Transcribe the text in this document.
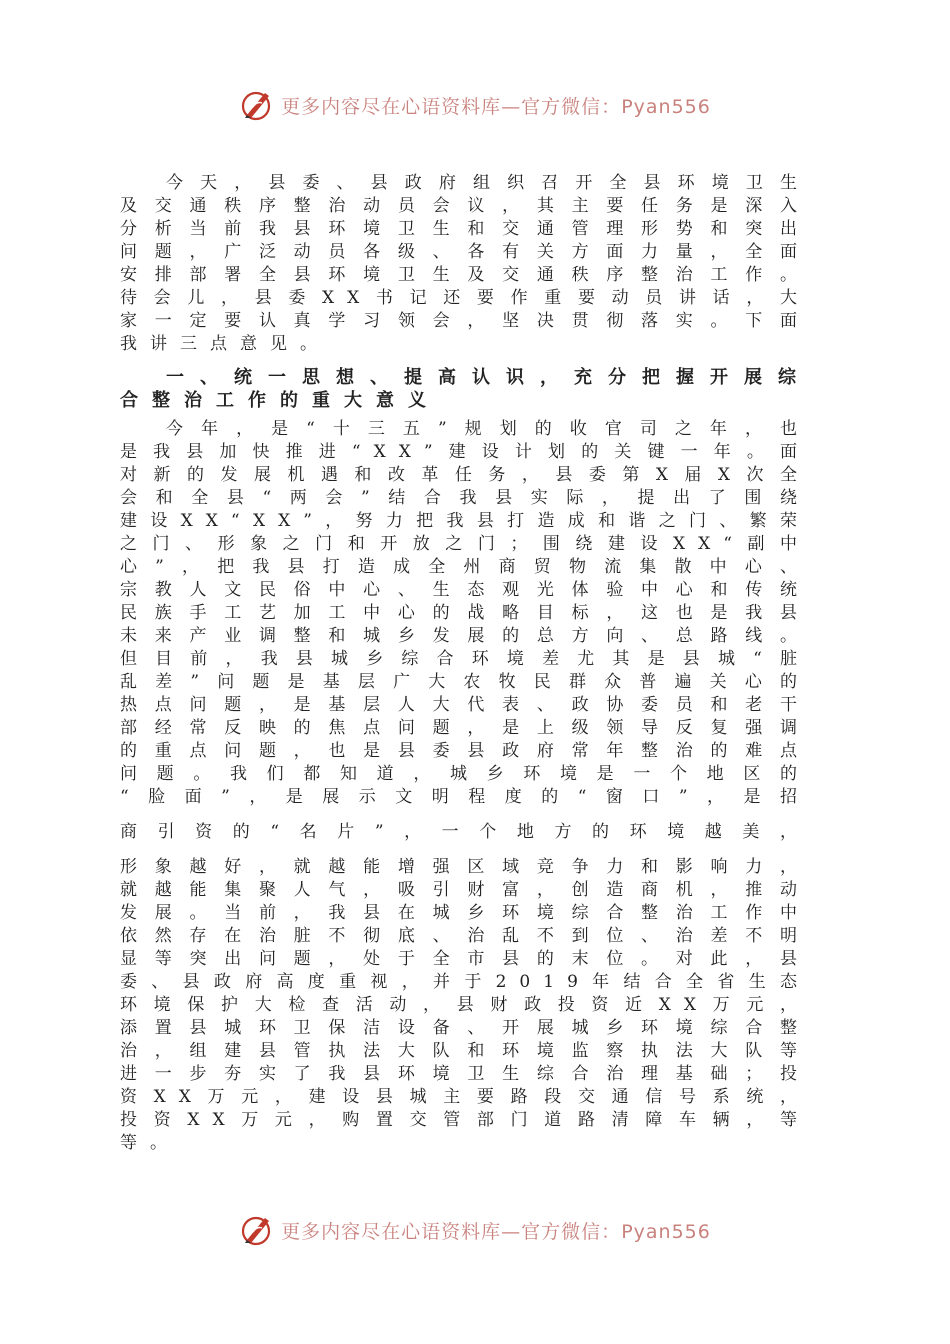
更多内容尽在心语资料库—官方微信：Pyan556
今天，县委、县政府组织召开全县环境卫生
及交通秩序整治动员会议，其主要任务是深入
分析当前我县环境卫生和交通管理形势和突出
问题，广泛动员各级、各有关方面力量，全面
安排部署全县环境卫生及交通秩序整治工作。
待会儿，县委XX书记还要作重要动员讲话，大
家一定要认真学习领会，坚决贯彻落实。下面
我讲三点意见。
一、统一思想、提高认识，充分把握开展综
合整治工作的重大意义
今年，是“十三五”规划的收官司之年，也
是我县加快推进“XX”建设计划的关键一年。面
对新的发展机遇和改革任务，县委第X届X次全
会和全县“两会”结合我县实际，提出了围绕
建设XX“XX”，努力把我县打造成和谐之门、繁荣
之门、形象之门和开放之门；围绕建设XX“副中
心”，把我县打造成全州商贸物流集散中心、
宗教人文民俗中心、生态观光体验中心和传统
民族手工艺加工中心的战略目标，这也是我县
未来产业调整和城乡发展的总方向、总路线。
但目前，我县城乡综合环境差尤其是县城“脏
乱差”问题是基层广大农牧民群众普遍关心的
热点问题，是基层人大代表、政协委员和老干
部经常反映的焦点问题，是上级领导反复强调
的重点问题，也是县委县政府常年整治的难点
问题。我们都知道，城乡环境是一个地区的
“脸面”，是展示文明程度的“窗口”，是招
商引资的“名片”，一个地方的环境越美，
形象越好，就越能增强区域竞争力和影响力，
就越能集聚人气，吸引财富，创造商机，推动
发展。当前，我县在城乡环境综合整治工作中
依然存在治脏不彻底、治乱不到位、治差不明
显等突出问题，处于全市县的末位。对此，县
委、县政府高度重视，并于2019年结合全省生态
环境保护大检查活动，县财政投资近XX万元，
添置县城环卫保洁设备、开展城乡环境综合整
治，组建县管执法大队和环境监察执法大队等
进一步夯实了我县环境卫生综合治理基础；投
资XX万元，建设县城主要路段交通信号系统，
投资XX万元，购置交管部门道路清障车辆，等
等。
更多内容尽在心语资料库—官方微信：Pyan556
